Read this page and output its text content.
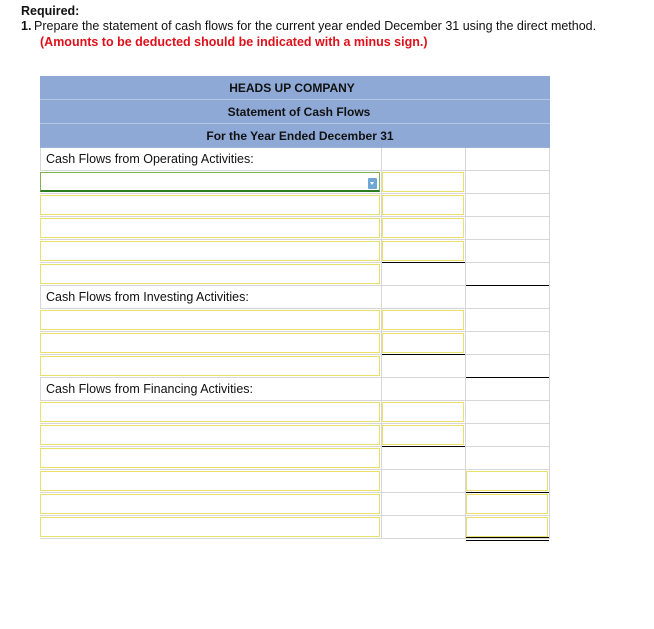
Required:
1. Prepare the statement of cash flows for the current year ended December 31 using the direct method.
(Amounts to be deducted should be indicated with a minus sign.)
HEADS UP COMPANY
Statement of Cash Flows
For the Year Ended December 31
Cash Flows from Operating Activities:
Cash Flows from Investing Activities:
Cash Flows from Financing Activities:
